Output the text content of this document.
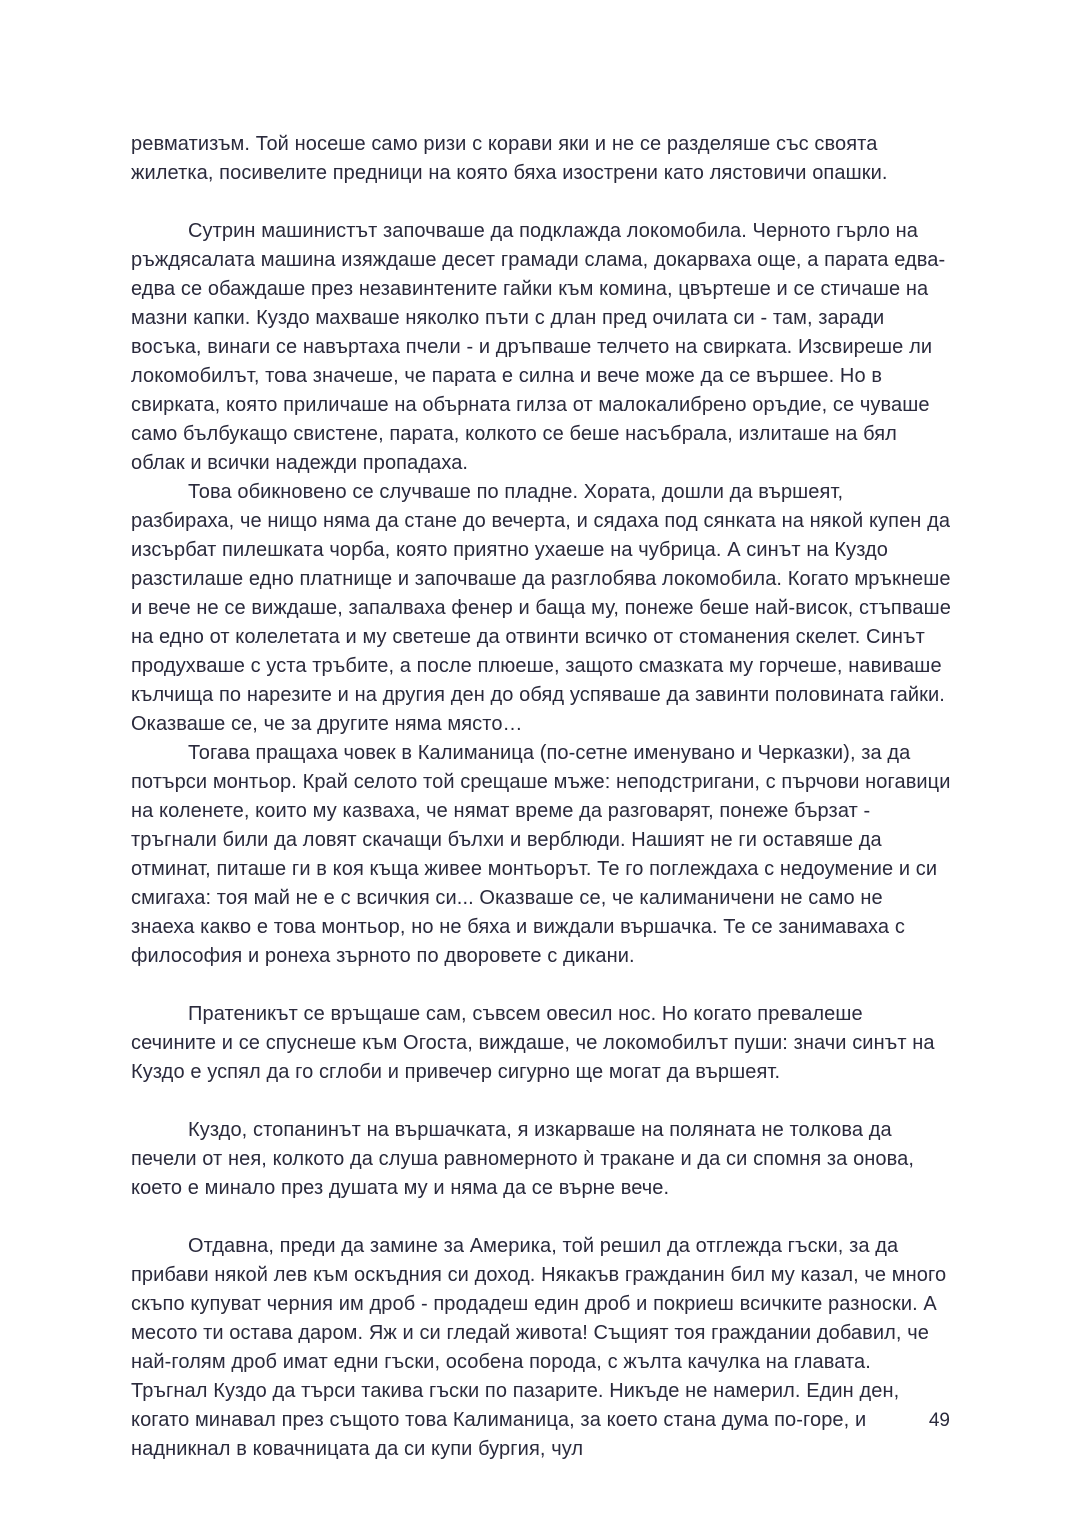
ревматизъм. Той носеше само ризи с корави яки и не се разделяше със своята жилетка, посивелите предници на която бяха изострени като лястовичи опашки.

Сутрин машинистът започваше да подклажда локомобила. Черното гърло на ръждясалата машина изяждаше десет грамади слама, докарваха още, а парата едва-едва се обаждаше през незавинтените гайки към комина, цвъртеше и се стичаше на мазни капки. Куздо махваше няколко пъти с длан пред очилата си - там, заради восъка, винаги се навъртаха пчели - и дръпваше телчето на свирката. Изсвиреше ли локомобилът, това значеше, че парата е силна и вече може да се вършее. Но в свирката, която приличаше на обърната гилза от малокалибрено оръдие, се чуваше само бълбукащо свистене, парата, колкото се беше насъбрала, излиташе на бял облак и всички надежди пропадаха.

Това обикновено се случваше по пладне. Хората, дошли да вършеят, разбираха, че нищо няма да стане до вечерта, и сядаха под сянката на някой купен да изсърбат пилешката чорба, която приятно ухаеше на чубрица. А синът на Куздо разстилаше едно платнище и започваше да разглобява локомобила. Когато мръкнеше и вече не се виждаше, запалваха фенер и баща му, понеже беше най-висок, стъпваше на едно от колелетата и му светеше да отвинти всичко от стоманения скелет. Синът продухваше с уста тръбите, а после плюеше, защото смазката му горчеше, навиваше кълчища по нарезите и на другия ден до обяд успяваше да завинти половината гайки. Оказваше се, че за другите няма място…

Тогава пращаха човек в Калиманица (по-сетне именувано и Черказки), за да потърси монтьор. Край селото той срещаше мъже: неподстригани, с пърчови ногавици на коленете, които му казваха, че нямат време да разговарят, понеже бързат - тръгнали били да ловят скачащи бълхи и верблюди. Нашият не ги оставяше да отминат, питаше ги в коя къща живее монтьорът. Те го поглеждаха с недоумение и си смигаха: тоя май не е с всичкия си... Оказваше се, че калиманичени не само не знаеха какво е това монтьор, но не бяха и виждали вършачка. Те се занимаваха с философия и ронеха зърното по дворовете с дикани.

Пратеникът се връщаше сам, съвсем овесил нос. Но когато превалеше сечините и се спуснеше към Огоста, виждаше, че локомобилът пуши: значи синът на Куздо е успял да го сглоби и привечер сигурно ще могат да вършеят.

Куздо, стопанинът на вършачката, я изкарваше на поляната не толкова да печели от нея, колкото да слуша равномерното ѝ тракане и да си спомня за онова, което е минало през душата му и няма да се върне вече.

Отдавна, преди да замине за Америка, той решил да отглежда гъски, за да прибави някой лев към оскъдния си доход. Някакъв гражданин бил му казал, че много скъпо купуват черния им дроб - продадеш един дроб и покриеш всичките разноски. А месото ти остава даром. Яж и си гледай живота! Същият тоя граждании добавил, че най-голям дроб имат едни гъски, особена порода, с жълта качулка на главата. Тръгнал Куздо да търси такива гъски по пазарите. Никъде не намерил. Един ден, когато минавал през същото това Калиманица, за което стана дума по-горе, и надникнал в ковачницата да си купи бургия, чул

49
